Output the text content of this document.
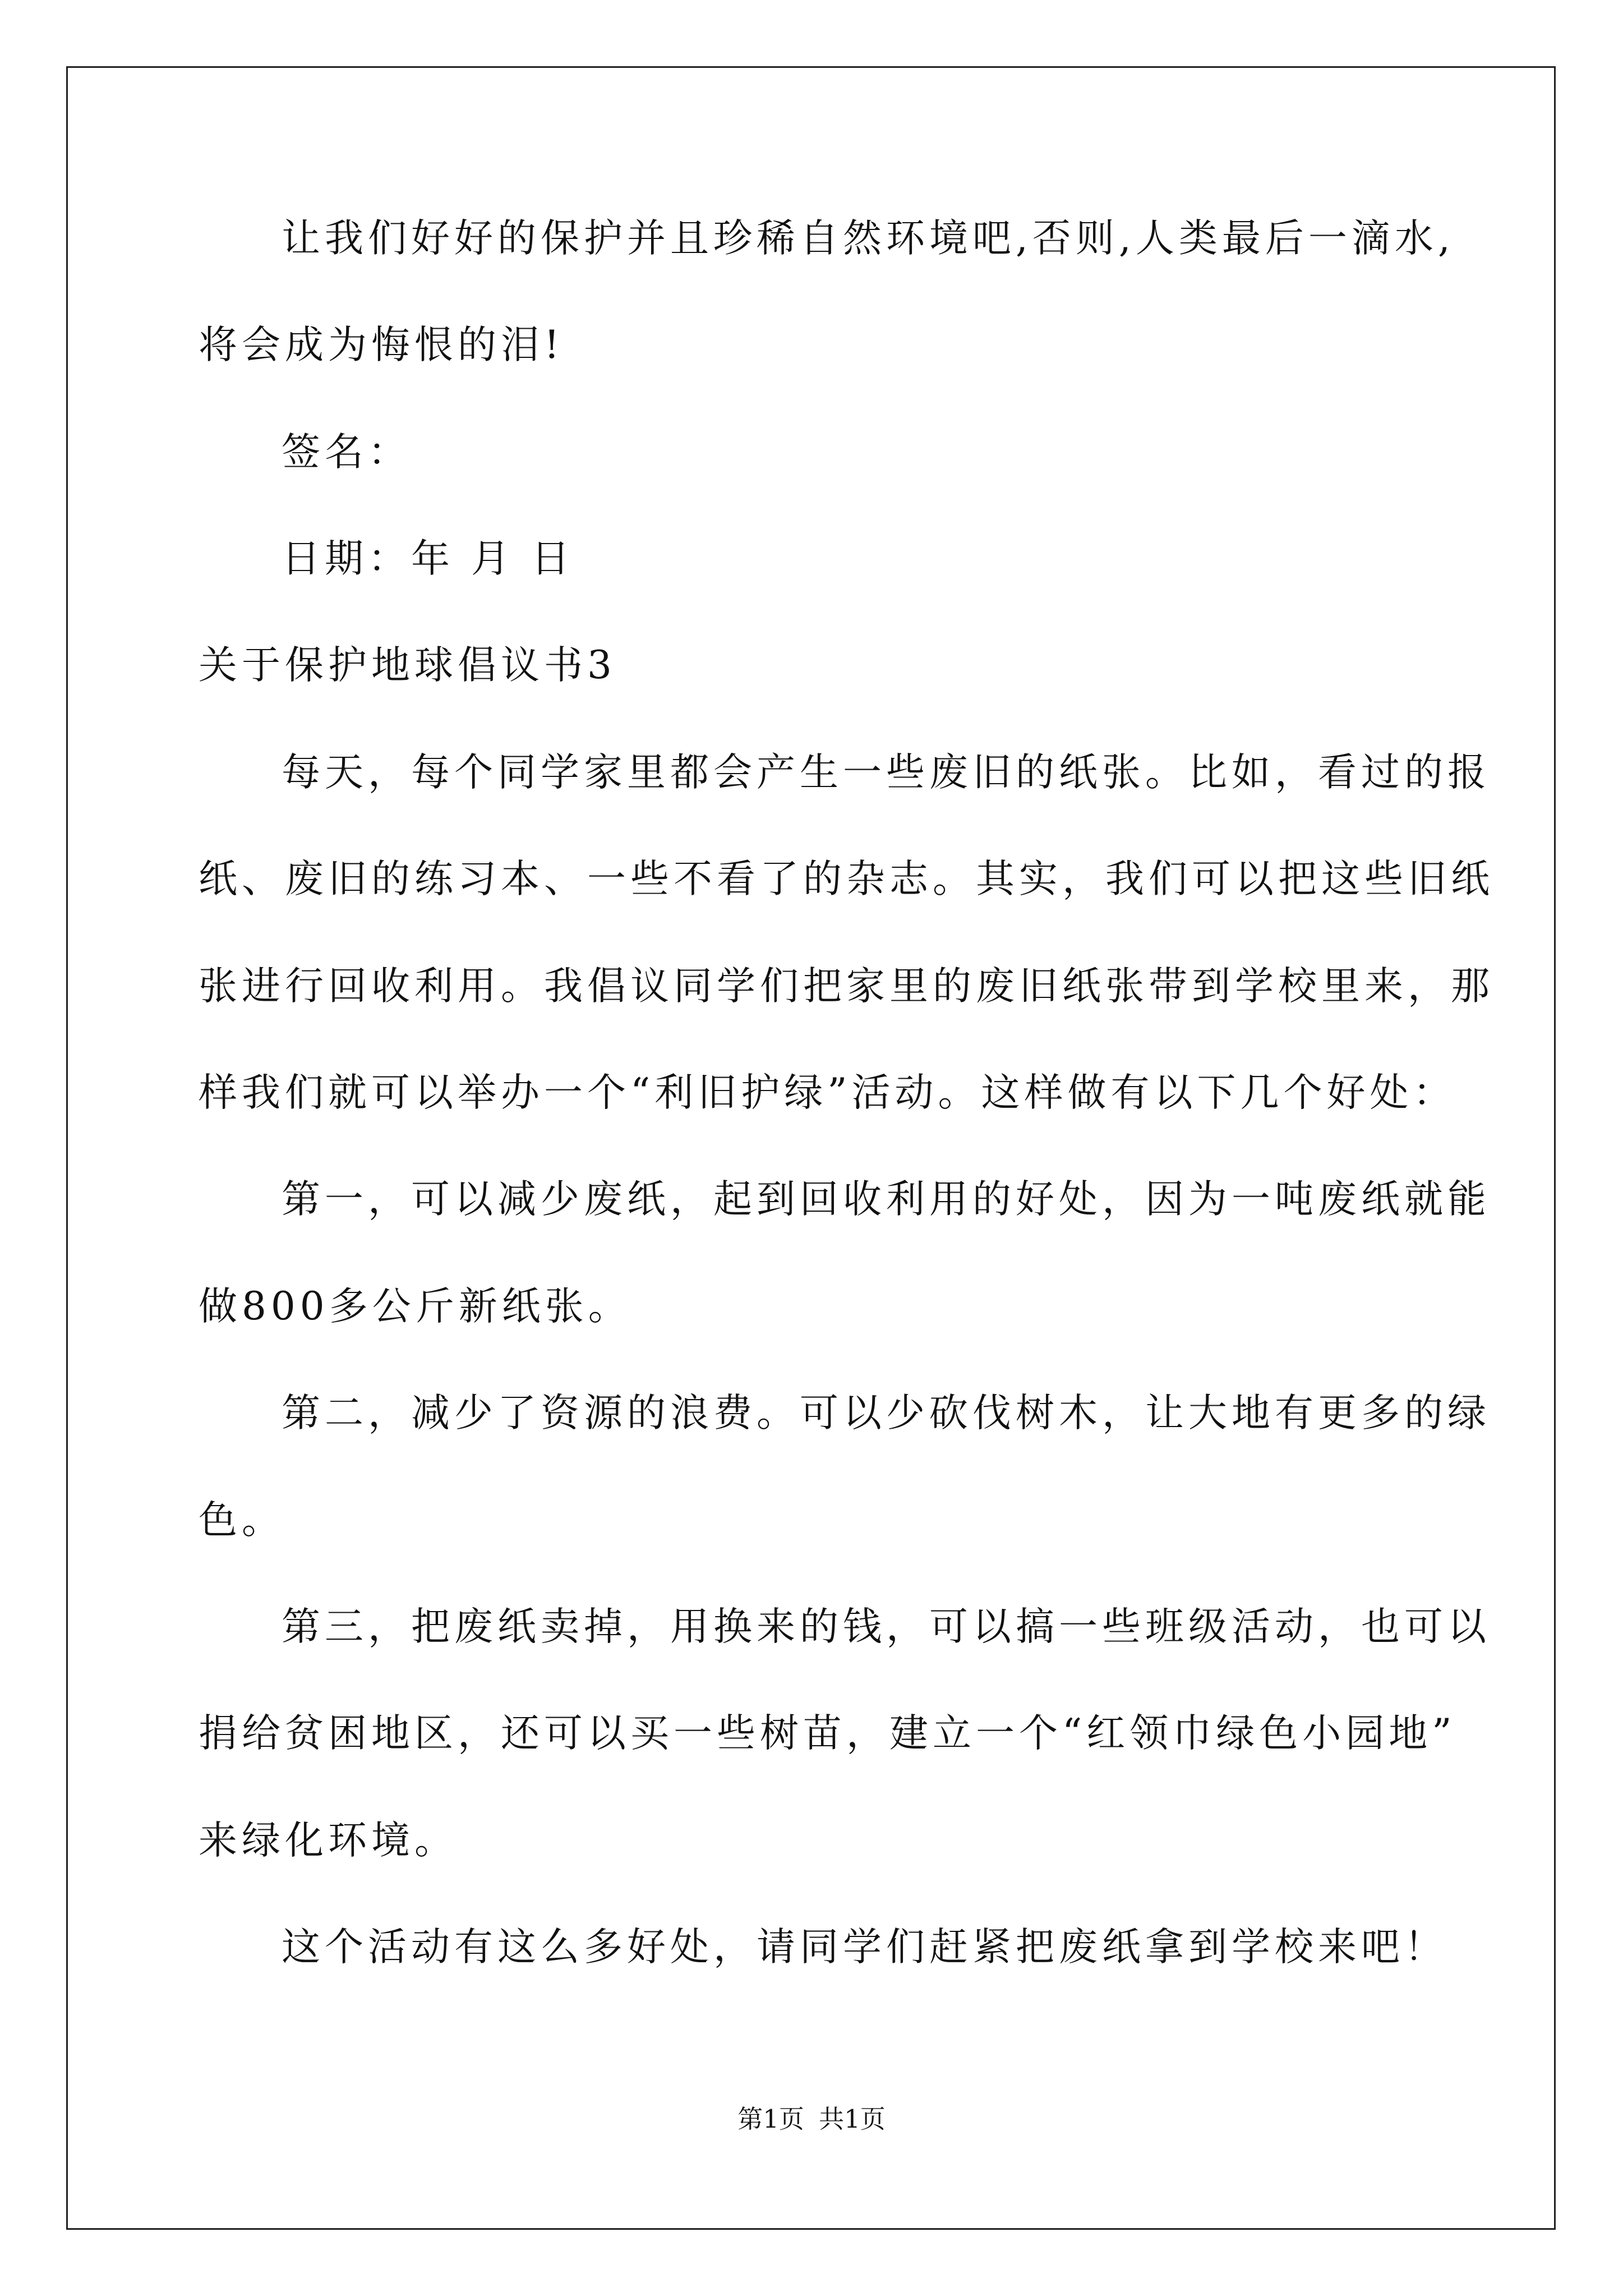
让我们好好的保护并且珍稀自然环境吧,否则,人类最后一滴水,
将会成为悔恨的泪!
签名：
日期：年 月 日
关于保护地球倡议书3
每天，每个同学家里都会产生一些废旧的纸张。比如，看过的报
纸、废旧的练习本、一些不看了的杂志。其实，我们可以把这些旧纸
张进行回收利用。我倡议同学们把家里的废旧纸张带到学校里来，那
样我们就可以举办一个“利旧护绿”活动。这样做有以下几个好处：
第一，可以减少废纸，起到回收利用的好处，因为一吨废纸就能
做800多公斤新纸张。
第二，减少了资源的浪费。可以少砍伐树木，让大地有更多的绿
色。
第三，把废纸卖掉，用换来的钱，可以搞一些班级活动，也可以
捐给贫困地区，还可以买一些树苗，建立一个“红领巾绿色小园地”
来绿化环境。
这个活动有这么多好处，请同学们赶紧把废纸拿到学校来吧！
第1页 共1页
